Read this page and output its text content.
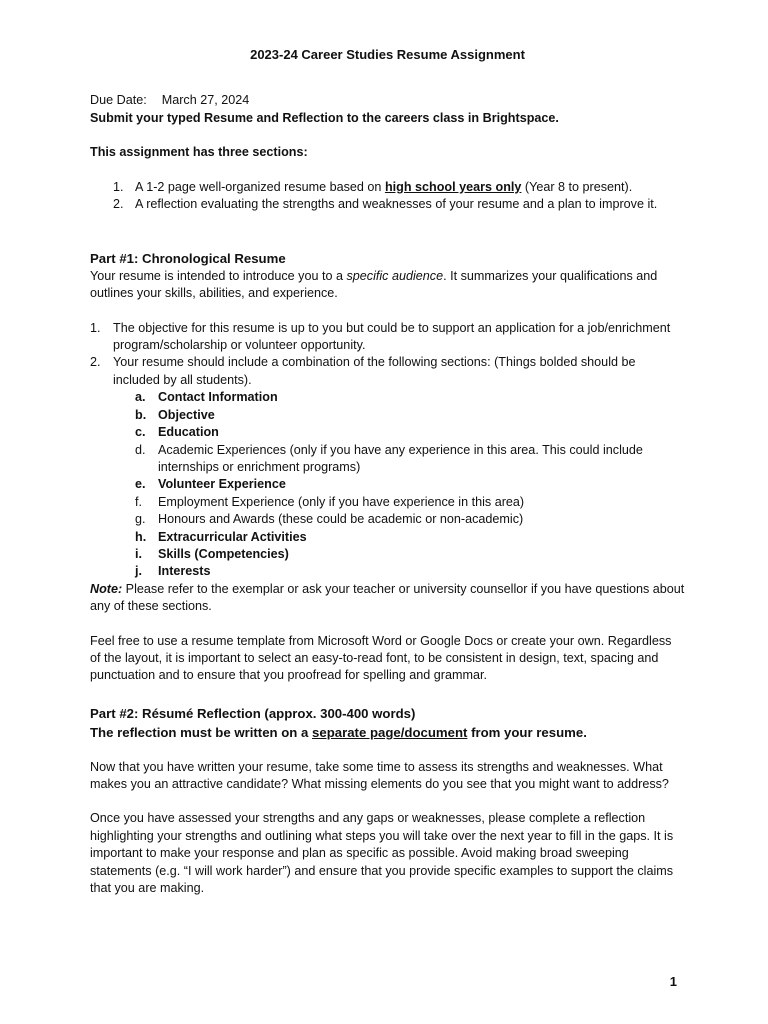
2023-24 Career Studies Resume Assignment

Due Date: March 27, 2024

Submit your typed Resume and Reflection to the careers class in Brightspace.

This assignment has three sections:

1. A 1-2 page well-organized resume based on high school years only (Year 8 to present).
2. A reflection evaluating the strengths and weaknesses of your resume and a plan to improve it.

Part #1: Chronological Resume

Your resume is intended to introduce you to a specific audience. It summarizes your qualifications and outlines your skills, abilities, and experience.

1. The objective for this resume is up to you but could be to support an application for a job/enrichment program/scholarship or volunteer opportunity.
2. Your resume should include a combination of the following sections: (Things bolded should be included by all students).
a. Contact Information
b. Objective
c. Education
d. Academic Experiences (only if you have any experience in this area. This could include internships or enrichment programs)
e. Volunteer Experience
f. Employment Experience (only if you have experience in this area)
g. Honours and Awards (these could be academic or non-academic)
h. Extracurricular Activities
i. Skills (Competencies)
j. Interests

Note: Please refer to the exemplar or ask your teacher or university counsellor if you have questions about any of these sections.

Feel free to use a resume template from Microsoft Word or Google Docs or create your own. Regardless of the layout, it is important to select an easy-to-read font, to be consistent in design, text, spacing and punctuation and to ensure that you proofread for spelling and grammar.

Part #2: Résumé Reflection (approx. 300-400 words)

The reflection must be written on a separate page/document from your resume.

Now that you have written your resume, take some time to assess its strengths and weaknesses. What makes you an attractive candidate? What missing elements do you see that you might want to address?

Once you have assessed your strengths and any gaps or weaknesses, please complete a reflection highlighting your strengths and outlining what steps you will take over the next year to fill in the gaps. It is important to make your response and plan as specific as possible. Avoid making broad sweeping statements (e.g. “I will work harder”) and ensure that you provide specific examples to support the claims that you are making.

1
